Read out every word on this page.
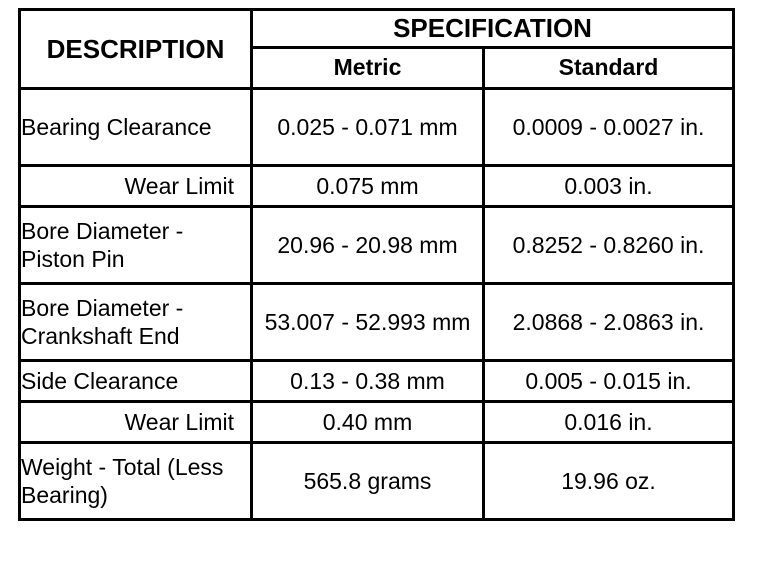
DESCRIPTION	SPECIFICATION	
	Metric	Standard
Bearing Clearance	0.025 - 0.071 mm	0.0009 - 0.0027 in.
Wear Limit	0.075 mm	0.003 in.
Bore Diameter - Piston Pin	20.96 - 20.98 mm	0.8252 - 0.8260 in.
Bore Diameter - Crankshaft End	53.007 - 52.993 mm	2.0868 - 2.0863 in.
Side Clearance	0.13 - 0.38 mm	0.005 - 0.015 in.
Wear Limit	0.40 mm	0.016 in.
Weight - Total (Less Bearing)	565.8 grams	19.96 oz.
